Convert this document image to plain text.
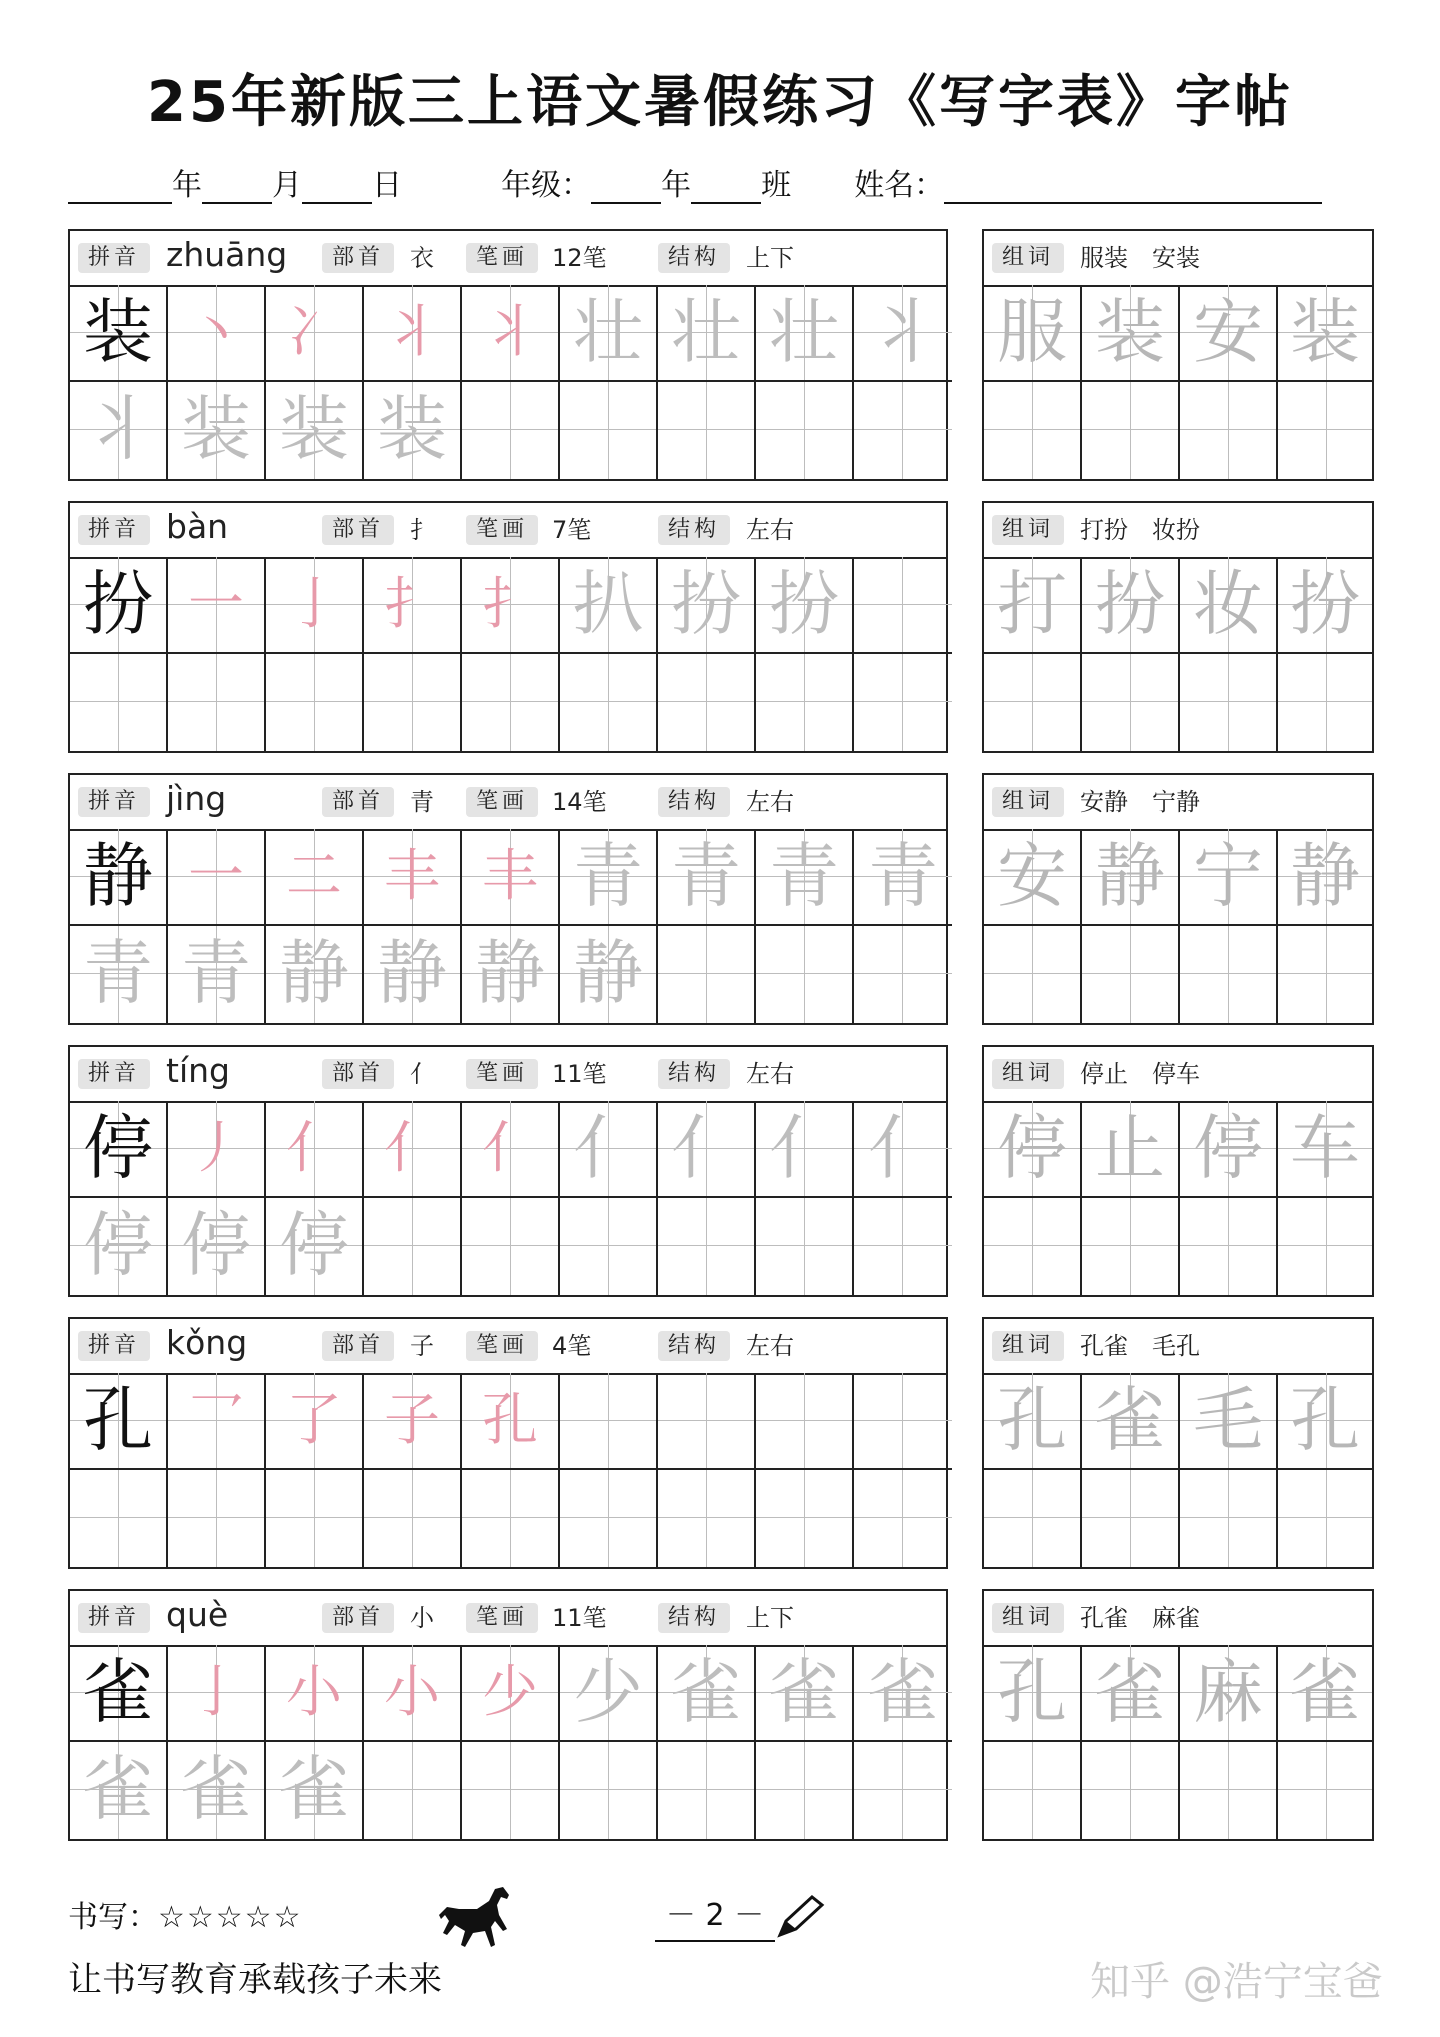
25年新版三上语文暑假练习《写字表》字帖
年 月 日	年级： 年 班 姓名：
拼音 zhuāng	部首	衣	笔画 12笔	结构	上下
装 丶 冫 丬 丬 壮 壮 壮 丬
丬 装 装 装
组词	服装　安装
服 装 安 装
拼音 bàn	部首	扌	笔画 7笔	结构	左右
扮 一 亅 扌 扌 扒 扮 扮
组词	打扮　妆扮
打 扮 妆 扮
拼音 jìng	部首	青	笔画 14笔	结构	左右
静 一 二 丰 丰 青 青 青 青
青 青 静 静 静 静
组词	安静　宁静
安 静 宁 静
拼音 tíng	部首	亻	笔画 11笔	结构	左右
停 丿 亻 亻 亻 亻 亻 亻 亻
停 停 停
组词	停止　停车
停 止 停 车
拼音 kǒng	部首	子	笔画 4笔	结构	左右
孔 乛 了 子 孔
组词	孔雀　毛孔
孔 雀 毛 孔
拼音 què	部首	小	笔画 11笔	结构	上下
雀 亅 小 小 少 少 雀 雀 雀
雀 雀 雀
组词	孔雀　麻雀
孔 雀 麻 雀
书写：☆☆☆☆☆	－ 2 －
让书写教育承载孩子未来	知乎 @浩宁宝爸
